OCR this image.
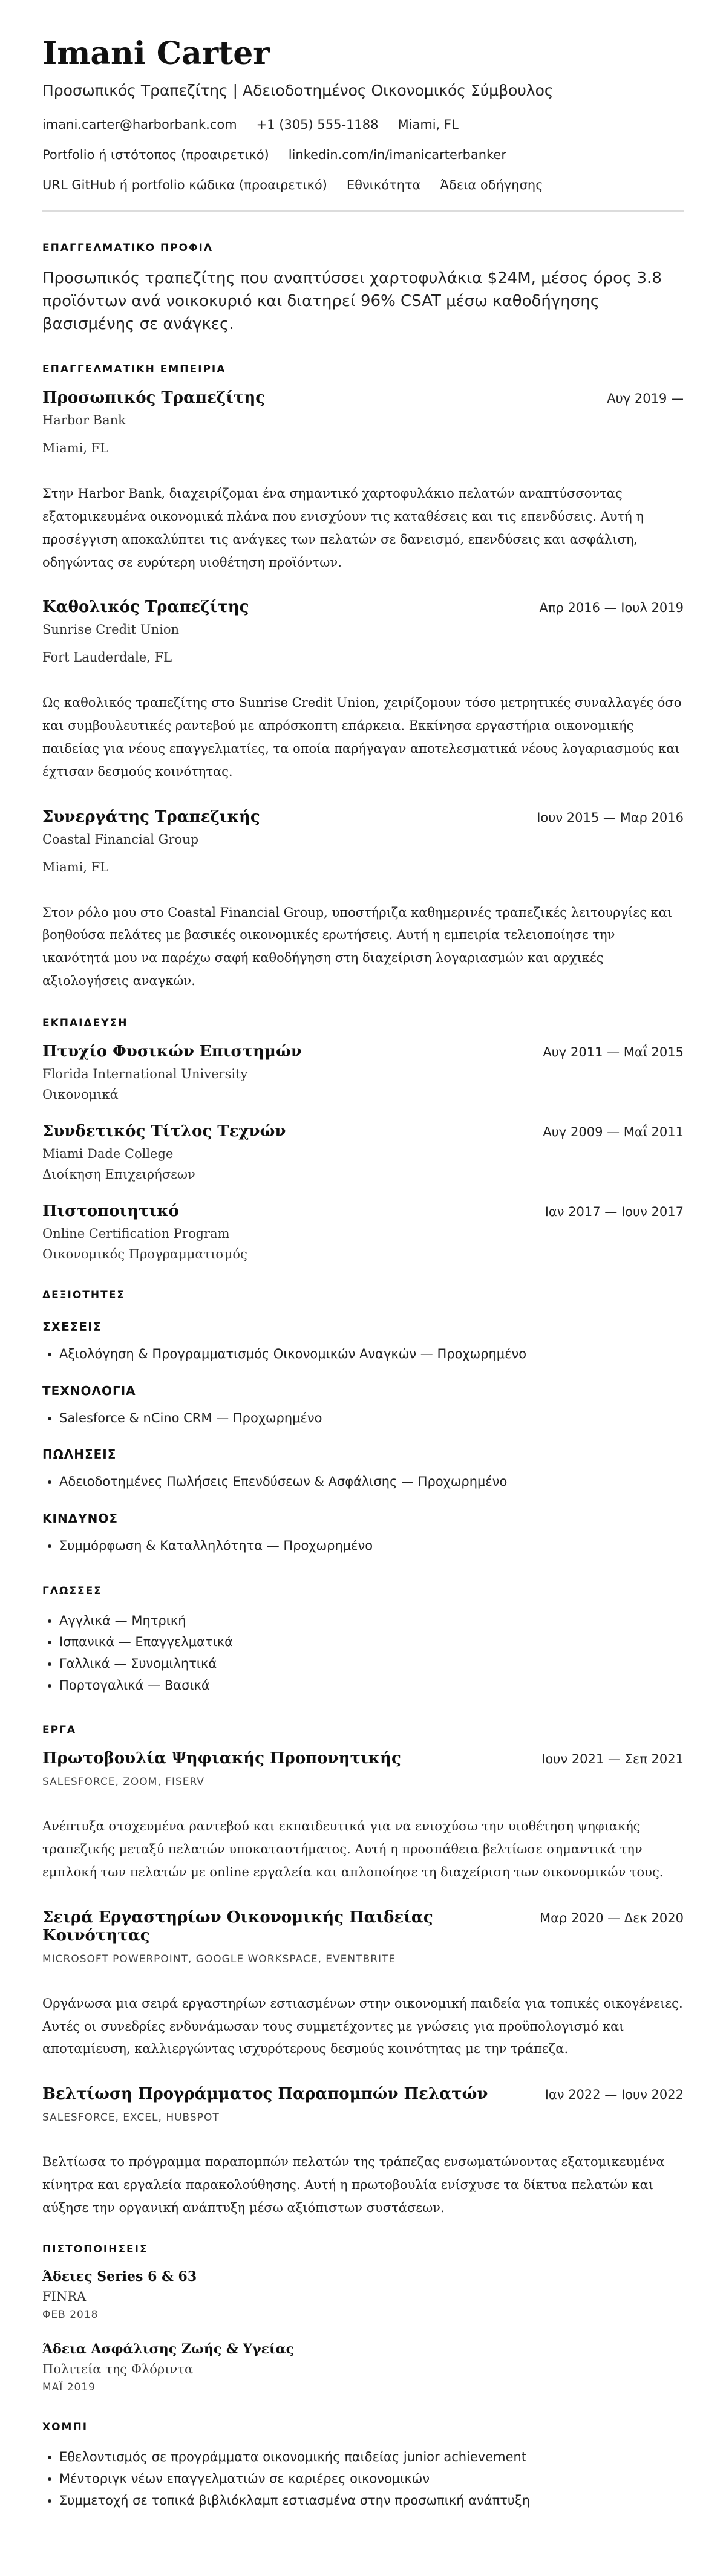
Imani Carter
Προσωπικός Τραπεζίτης | Αδειοδοτημένος Οικονομικός Σύμβουλος
imani.carter@harborbank.com +1 (305) 555-1188 Miami, FL
Portfolio ή ιστότοπος (προαιρετικό) linkedin.com/in/imanicarterbanker
URL GitHub ή portfolio κώδικα (προαιρετικό) Εθνικότητα Άδεια οδήγησης
ΕΠΑΓΓΕΛΜΑΤΙΚΟ ΠΡΟΦΙΛ
Προσωπικός τραπεζίτης που αναπτύσσει χαρτοφυλάκια $24M, μέσος όρος 3.8 προϊόντων ανά νοικοκυριό και διατηρεί 96% CSAT μέσω καθοδήγησης βασισμένης σε ανάγκες.
ΕΠΑΓΓΕΛΜΑΤΙΚΗ ΕΜΠΕΙΡΙΑ
Προσωπικός Τραπεζίτης	Αυγ 2019 —
Harbor Bank
Miami, FL
Στην Harbor Bank, διαχειρίζομαι ένα σημαντικό χαρτοφυλάκιο πελατών αναπτύσσοντας εξατομικευμένα οικονομικά πλάνα που ενισχύουν τις καταθέσεις και τις επενδύσεις. Αυτή η προσέγγιση αποκαλύπτει τις ανάγκες των πελατών σε δανεισμό, επενδύσεις και ασφάλιση, οδηγώντας σε ευρύτερη υιοθέτηση προϊόντων.
Καθολικός Τραπεζίτης	Απρ 2016 — Ιουλ 2019
Sunrise Credit Union
Fort Lauderdale, FL
Ως καθολικός τραπεζίτης στο Sunrise Credit Union, χειρίζομουν τόσο μετρητικές συναλλαγές όσο και συμβουλευτικές ραντεβού με απρόσκοπτη επάρκεια. Εκκίνησα εργαστήρια οικονομικής παιδείας για νέους επαγγελματίες, τα οποία παρήγαγαν αποτελεσματικά νέους λογαριασμούς και έχτισαν δεσμούς κοινότητας.
Συνεργάτης Τραπεζικής	Ιουν 2015 — Μαρ 2016
Coastal Financial Group
Miami, FL
Στον ρόλο μου στο Coastal Financial Group, υποστήριζα καθημερινές τραπεζικές λειτουργίες και βοηθούσα πελάτες με βασικές οικονομικές ερωτήσεις. Αυτή η εμπειρία τελειοποίησε την ικανότητά μου να παρέχω σαφή καθοδήγηση στη διαχείριση λογαριασμών και αρχικές αξιολογήσεις αναγκών.
ΕΚΠΑΙΔΕΥΣΗ
Πτυχίο Φυσικών Επιστημών	Αυγ 2011 — Μαΐ 2015
Florida International University
Οικονομικά
Συνδετικός Τίτλος Τεχνών	Αυγ 2009 — Μαΐ 2011
Miami Dade College
Διοίκηση Επιχειρήσεων
Πιστοποιητικό	Ιαν 2017 — Ιουν 2017
Online Certification Program
Οικονομικός Προγραμματισμός
ΔΕΞΙΟΤΗΤΕΣ
ΣΧΕΣΕΙΣ
• Αξιολόγηση & Προγραμματισμός Οικονομικών Αναγκών — Προχωρημένο
ΤΕΧΝΟΛΟΓΙΑ
• Salesforce & nCino CRM — Προχωρημένο
ΠΩΛΗΣΕΙΣ
• Αδειοδοτημένες Πωλήσεις Επενδύσεων & Ασφάλισης — Προχωρημένο
ΚΙΝΔΥΝΟΣ
• Συμμόρφωση & Καταλληλότητα — Προχωρημένο
ΓΛΩΣΣΕΣ
• Αγγλικά — Μητρική
• Ισπανικά — Επαγγελματικά
• Γαλλικά — Συνομιλητικά
• Πορτογαλικά — Βασικά
ΕΡΓΑ
Πρωτοβουλία Ψηφιακής Προπονητικής	Ιουν 2021 — Σεπ 2021
SALESFORCE, ZOOM, FISERV
Ανέπτυξα στοχευμένα ραντεβού και εκπαιδευτικά για να ενισχύσω την υιοθέτηση ψηφιακής τραπεζικής μεταξύ πελατών υποκαταστήματος. Αυτή η προσπάθεια βελτίωσε σημαντικά την εμπλοκή των πελατών με online εργαλεία και απλοποίησε τη διαχείριση των οικονομικών τους.
Σειρά Εργαστηρίων Οικονομικής Παιδείας Κοινότητας
Μαρ 2020 — Δεκ 2020
MICROSOFT POWERPOINT, GOOGLE WORKSPACE, EVENTBRITE
Οργάνωσα μια σειρά εργαστηρίων εστιασμένων στην οικονομική παιδεία για τοπικές οικογένειες. Αυτές οι συνεδρίες ενδυνάμωσαν τους συμμετέχοντες με γνώσεις για προϋπολογισμό και αποταμίευση, καλλιεργώντας ισχυρότερους δεσμούς κοινότητας με την τράπεζα.
Βελτίωση Προγράμματος Παραπομπών Πελατών	Ιαν 2022 — Ιουν 2022
SALESFORCE, EXCEL, HUBSPOT
Βελτίωσα το πρόγραμμα παραπομπών πελατών της τράπεζας ενσωματώνοντας εξατομικευμένα κίνητρα και εργαλεία παρακολούθησης. Αυτή η πρωτοβουλία ενίσχυσε τα δίκτυα πελατών και αύξησε την οργανική ανάπτυξη μέσω αξιόπιστων συστάσεων.
ΠΙΣΤΟΠΟΙΗΣΕΙΣ
Άδειες Series 6 & 63
FINRA
ΦΕΒ 2018
Άδεια Ασφάλισης Ζωής & Υγείας
Πολιτεία της Φλόριντα
ΜΑΪ 2019
ΧΟΜΠΙ
• Εθελοντισμός σε προγράμματα οικονομικής παιδείας junior achievement
• Μέντοριγκ νέων επαγγελματιών σε καριέρες οικονομικών
• Συμμετοχή σε τοπικά βιβλιόκλαμπ εστιασμένα στην προσωπική ανάπτυξη
